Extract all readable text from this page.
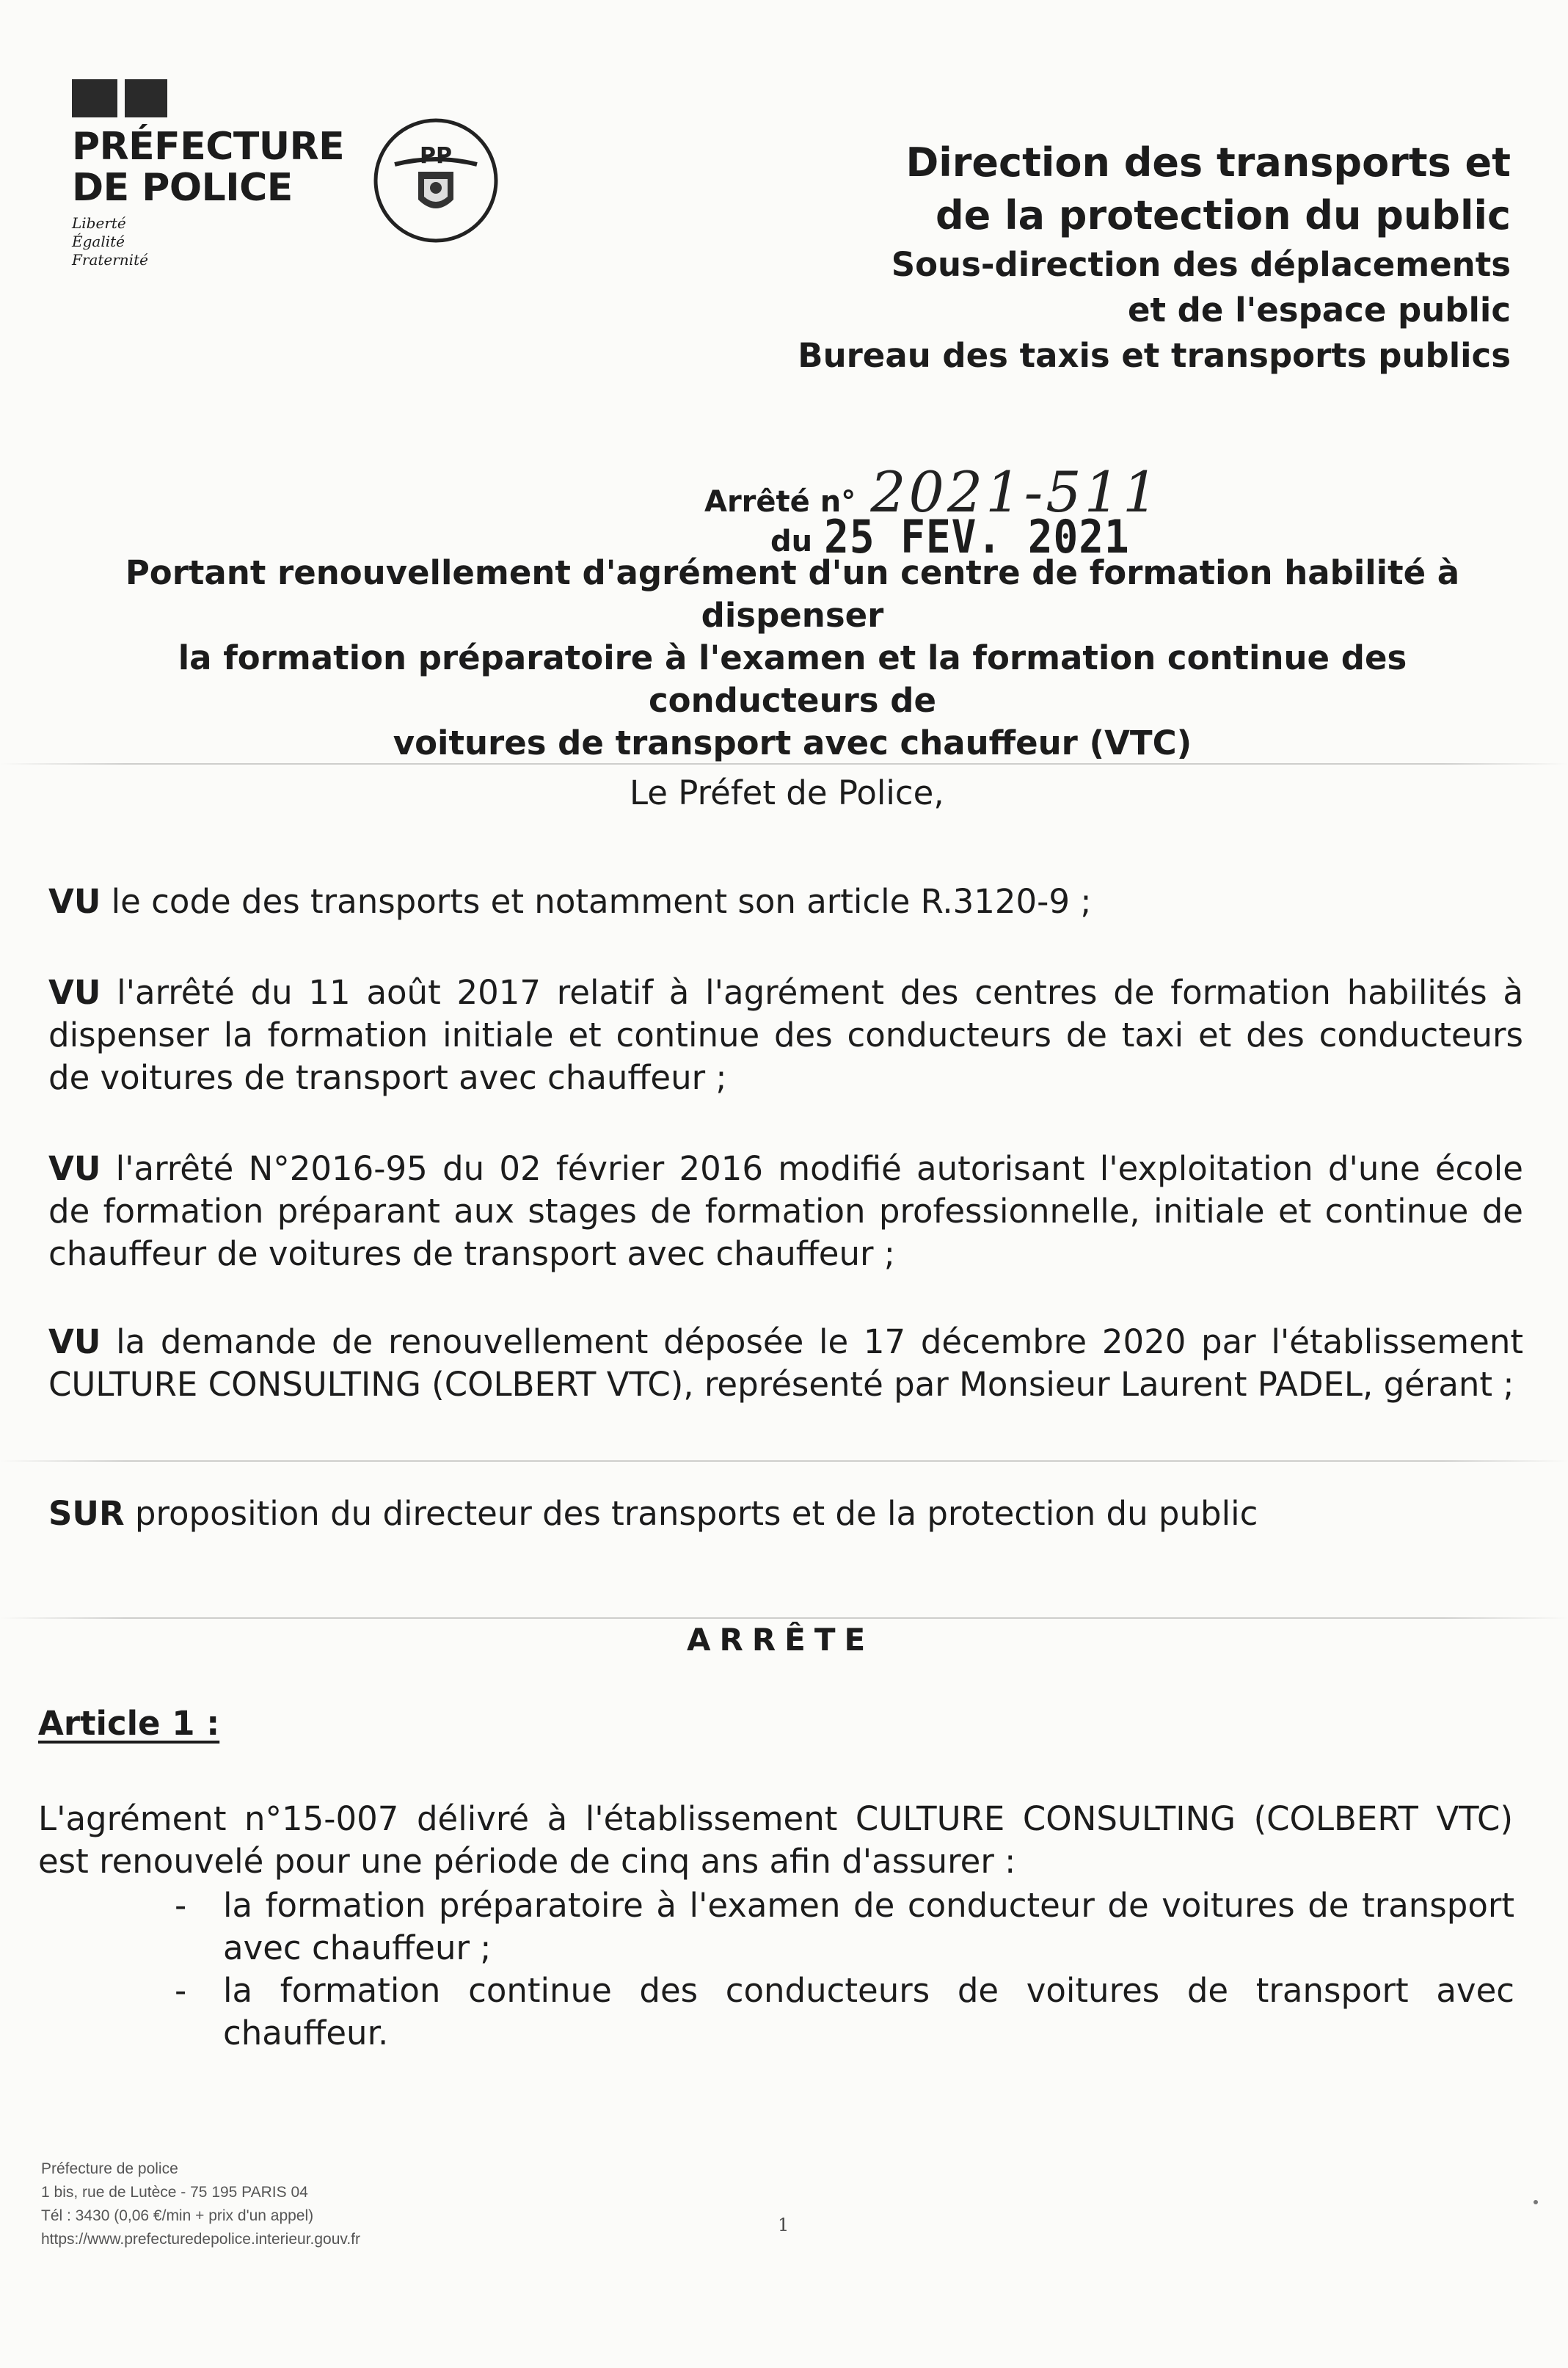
PRÉFECTURE
DE POLICE
Liberté
Égalité
Fraternité
PP	Direction des transports et
de la protection du public
Sous-direction des déplacements
et de l'espace public
Bureau des taxis et transports publics
Arrêté n° 2021-511
du 25 FEV. 2021
Portant renouvellement d'agrément d'un centre de formation habilité à dispenser
la formation préparatoire à l'examen et la formation continue des conducteurs de
voitures de transport avec chauffeur (VTC)
Le Préfet de Police,
VU le code des transports et notamment son article R.3120-9 ;
VU l'arrêté du 11 août 2017 relatif à l'agrément des centres de formation habilités à dispenser la formation initiale et continue des conducteurs de taxi et des conducteurs de voitures de transport avec chauffeur ;
VU l'arrêté N°2016-95 du 02 février 2016 modifié autorisant l'exploitation d'une école de formation préparant aux stages de formation professionnelle, initiale et continue de chauffeur de voitures de transport avec chauffeur ;
VU la demande de renouvellement déposée le 17 décembre 2020 par l'établissement CULTURE CONSULTING (COLBERT VTC), représenté par Monsieur Laurent PADEL, gérant ;
SUR proposition du directeur des transports et de la protection du public
ARRÊTE
Article 1 :
L'agrément n°15-007 délivré à l'établissement CULTURE CONSULTING (COLBERT VTC) est renouvelé pour une période de cinq ans afin d'assurer :
-	la formation préparatoire à l'examen de conducteur de voitures de transport avec chauffeur ;
-	la formation continue des conducteurs de voitures de transport avec chauffeur.
Préfecture de police
1 bis, rue de Lutèce - 75 195 PARIS 04
Tél : 3430 (0,06 €/min + prix d'un appel)
https://www.prefecturedepolice.interieur.gouv.fr
1
